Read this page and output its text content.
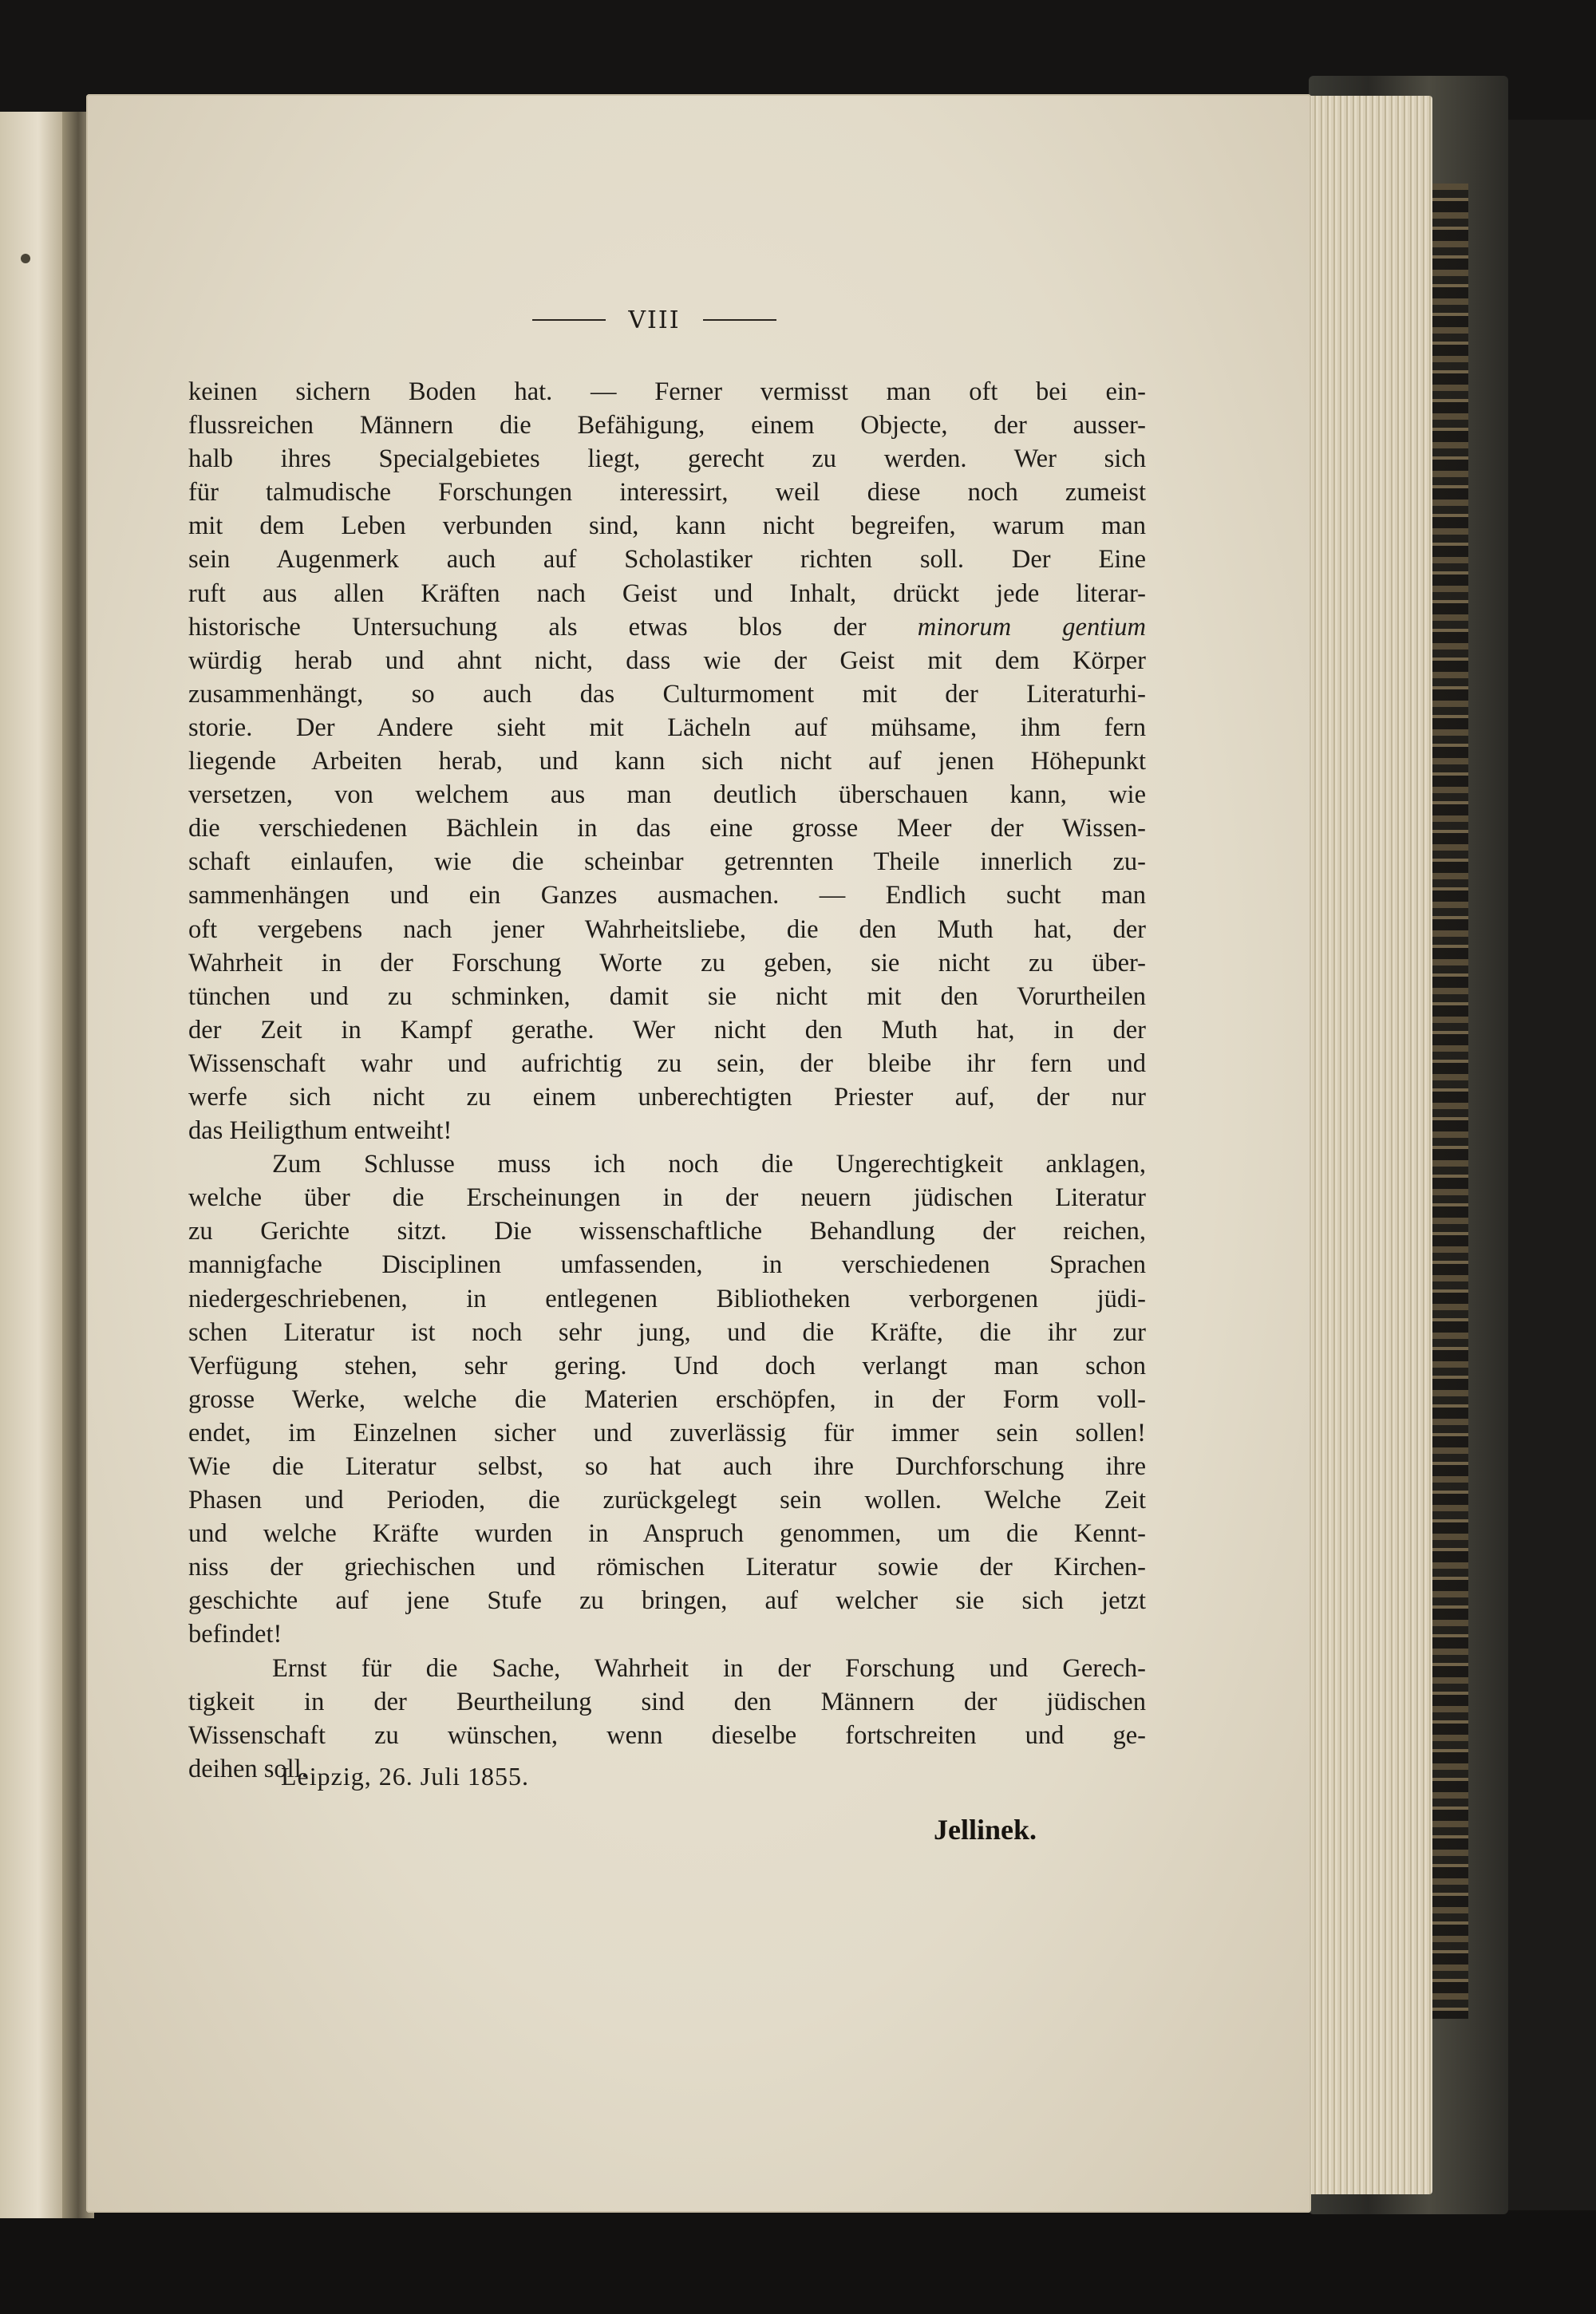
VIII
keinen sichern Boden hat. — Ferner vermisst man oft bei ein-
flussreichen Männern die Befähigung, einem Objecte, der ausser-
halb ihres Specialgebietes liegt, gerecht zu werden. Wer sich
für talmudische Forschungen interessirt, weil diese noch zumeist
mit dem Leben verbunden sind, kann nicht begreifen, warum man
sein Augenmerk auch auf Scholastiker richten soll. Der Eine
ruft aus allen Kräften nach Geist und Inhalt, drückt jede literar-
historische Untersuchung als etwas blos der minorum gentium
würdig herab und ahnt nicht, dass wie der Geist mit dem Körper
zusammenhängt, so auch das Culturmoment mit der Literaturhi-
storie. Der Andere sieht mit Lächeln auf mühsame, ihm fern
liegende Arbeiten herab, und kann sich nicht auf jenen Höhepunkt
versetzen, von welchem aus man deutlich überschauen kann, wie
die verschiedenen Bächlein in das eine grosse Meer der Wissen-
schaft einlaufen, wie die scheinbar getrennten Theile innerlich zu-
sammenhängen und ein Ganzes ausmachen. — Endlich sucht man
oft vergebens nach jener Wahrheitsliebe, die den Muth hat, der
Wahrheit in der Forschung Worte zu geben, sie nicht zu über-
tünchen und zu schminken, damit sie nicht mit den Vorurtheilen
der Zeit in Kampf gerathe. Wer nicht den Muth hat, in der
Wissenschaft wahr und aufrichtig zu sein, der bleibe ihr fern und
werfe sich nicht zu einem unberechtigten Priester auf, der nur
das Heiligthum entweiht!
Zum Schlusse muss ich noch die Ungerechtigkeit anklagen,
welche über die Erscheinungen in der neuern jüdischen Literatur
zu Gerichte sitzt. Die wissenschaftliche Behandlung der reichen,
mannigfache Disciplinen umfassenden, in verschiedenen Sprachen
niedergeschriebenen, in entlegenen Bibliotheken verborgenen jüdi-
schen Literatur ist noch sehr jung, und die Kräfte, die ihr zur
Verfügung stehen, sehr gering. Und doch verlangt man schon
grosse Werke, welche die Materien erschöpfen, in der Form voll-
endet, im Einzelnen sicher und zuverlässig für immer sein sollen!
Wie die Literatur selbst, so hat auch ihre Durchforschung ihre
Phasen und Perioden, die zurückgelegt sein wollen. Welche Zeit
und welche Kräfte wurden in Anspruch genommen, um die Kennt-
niss der griechischen und römischen Literatur sowie der Kirchen-
geschichte auf jene Stufe zu bringen, auf welcher sie sich jetzt
befindet!
Ernst für die Sache, Wahrheit in der Forschung und Gerech-
tigkeit in der Beurtheilung sind den Männern der jüdischen
Wissenschaft zu wünschen, wenn dieselbe fortschreiten und ge-
deihen soll.
Leipzig, 26. Juli 1855.
Jellinek.
